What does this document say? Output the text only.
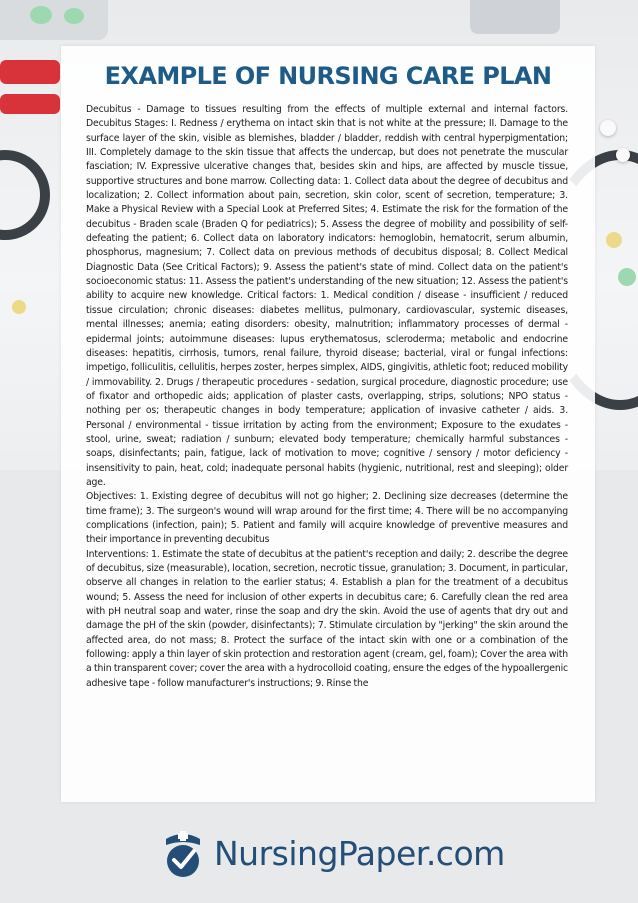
EXAMPLE OF NURSING CARE PLAN

Decubitus - Damage to tissues resulting from the effects of multiple external and internal factors. Decubitus Stages: I. Redness / erythema on intact skin that is not white at the pressure; II. Damage to the surface layer of the skin, visible as blemishes, bladder / bladder, reddish with central hyperpigmentation; III. Completely damage to the skin tissue that affects the undercap, but does not penetrate the muscular fasciation; IV. Expressive ulcerative changes that, besides skin and hips, are affected by muscle tissue, supportive structures and bone marrow. Collecting data: 1. Collect data about the degree of decubitus and localization; 2. Collect information about pain, secretion, skin color, scent of secretion, temperature; 3. Make a Physical Review with a Special Look at Preferred Sites; 4. Estimate the risk for the formation of the decubitus - Braden scale (Braden Q for pediatrics); 5. Assess the degree of mobility and possibility of self-defeating the patient; 6. Collect data on laboratory indicators: hemoglobin, hematocrit, serum albumin, phosphorus, magnesium; 7. Collect data on previous methods of decubitus disposal; 8. Collect Medical Diagnostic Data (See Critical Factors); 9. Assess the patient's state of mind. Collect data on the patient's socioeconomic status: 11. Assess the patient's understanding of the new situation; 12. Assess the patient's ability to acquire new knowledge. Critical factors: 1. Medical condition / disease - insufficient / reduced tissue circulation; chronic diseases: diabetes mellitus, pulmonary, cardiovascular, systemic diseases, mental illnesses; anemia; eating disorders: obesity, malnutrition; inflammatory processes of dermal - epidermal joints; autoimmune diseases: lupus erythematosus, scleroderma; metabolic and endocrine diseases: hepatitis, cirrhosis, tumors, renal failure, thyroid disease; bacterial, viral or fungal infections: impetigo, folliculitis, cellulitis, herpes zoster, herpes simplex, AIDS, gingivitis, athletic foot; reduced mobility / immovability. 2. Drugs / therapeutic procedures - sedation, surgical procedure, diagnostic procedure; use of fixator and orthopedic aids; application of plaster casts, overlapping, strips, solutions; NPO status - nothing per os; therapeutic changes in body temperature; application of invasive catheter / aids. 3. Personal / environmental - tissue irritation by acting from the environment; Exposure to the exudates - stool, urine, sweat; radiation / sunburn; elevated body temperature; chemically harmful substances - soaps, disinfectants; pain, fatigue, lack of motivation to move; cognitive / sensory / motor deficiency - insensitivity to pain, heat, cold; inadequate personal habits (hygienic, nutritional, rest and sleeping); older age.

Objectives: 1. Existing degree of decubitus will not go higher; 2. Declining size decreases (determine the time frame); 3. The surgeon's wound will wrap around for the first time; 4. There will be no accompanying complications (infection, pain); 5. Patient and family will acquire knowledge of preventive measures and their importance in preventing decubitus

Interventions: 1. Estimate the state of decubitus at the patient's reception and daily; 2. describe the degree of decubitus, size (measurable), location, secretion, necrotic tissue, granulation; 3. Document, in particular, observe all changes in relation to the earlier status; 4. Establish a plan for the treatment of a decubitus wound; 5. Assess the need for inclusion of other experts in decubitus care; 6. Carefully clean the red area with pH neutral soap and water, rinse the soap and dry the skin. Avoid the use of agents that dry out and damage the pH of the skin (powder, disinfectants); 7. Stimulate circulation by "jerking" the skin around the affected area, do not mass; 8. Protect the surface of the intact skin with one or a combination of the following: apply a thin layer of skin protection and restoration agent (cream, gel, foam); Cover the area with a thin transparent cover; cover the area with a hydrocolloid coating, ensure the edges of the hypoallergenic adhesive tape - follow manufacturer's instructions; 9. Rinse the

NursingPaper.com
